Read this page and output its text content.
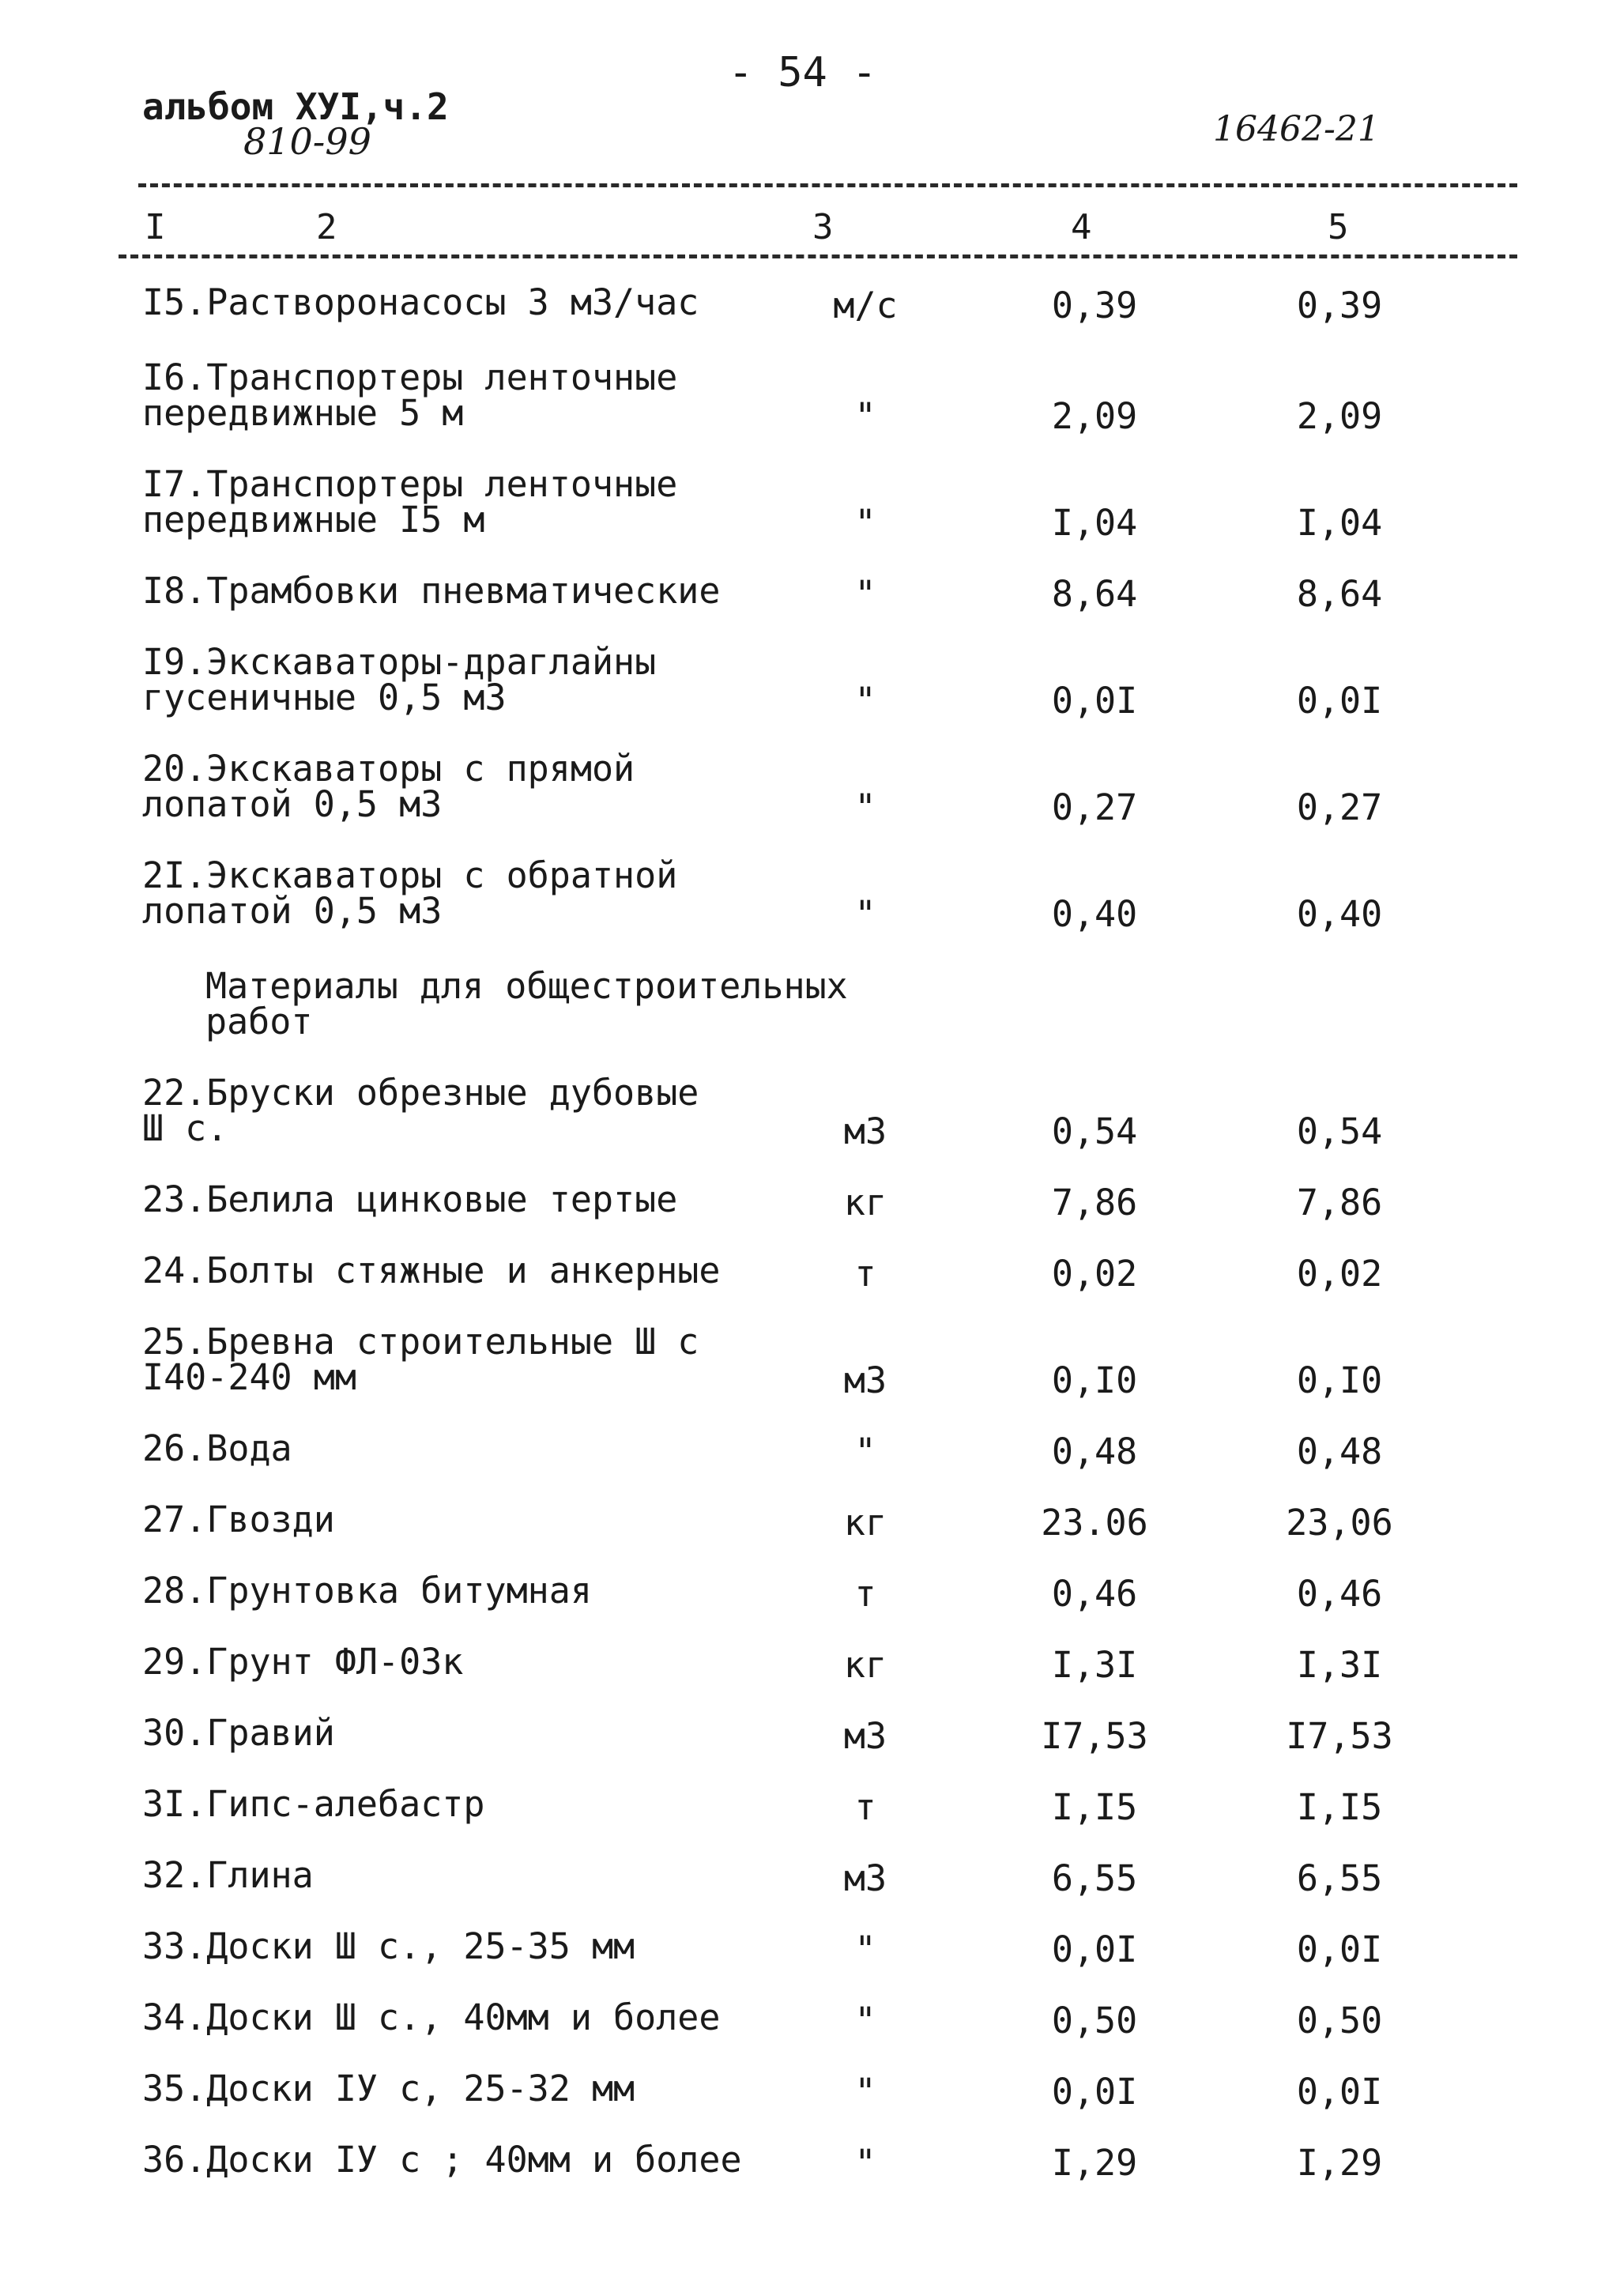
- 54 -
альбом ХУI,ч.2
810-99	16462-21
I	2	3	4	5
I5.Растворонасосы 3 м3/час	м/с	0,39	0,39
I6.Транспортеры ленточные
передвижные 5 м	"	2,09	2,09
I7.Транспортеры ленточные
передвижные I5 м	"	I,04	I,04
I8.Трамбовки пневматические	"	8,64	8,64
I9.Экскаваторы-драглайны
гусеничные 0,5 м3	"	0,0I	0,0I
20.Экскаваторы с прямой
лопатой 0,5 м3	"	0,27	0,27
2I.Экскаваторы с обратной
лопатой 0,5 м3	"	0,40	0,40
Материалы для общестроительных
работ
22.Бруски обрезные дубовые
Ш с.	м3	0,54	0,54
23.Белила цинковые тертые	кг	7,86	7,86
24.Болты стяжные и анкерные	т	0,02	0,02
25.Бревна строительные Ш с
I40-240 мм	м3	0,I0	0,I0
26.Вода	"	0,48	0,48
27.Гвозди	кг	23.06	23,06
28.Грунтовка битумная	т	0,46	0,46
29.Грунт ФЛ-03к	кг	I,3I	I,3I
30.Гравий	м3	I7,53	I7,53
3I.Гипс-алебастр	т	I,I5	I,I5
32.Глина	м3	6,55	6,55
33.Доски Ш с., 25-35 мм	"	0,0I	0,0I
34.Доски Ш с., 40мм и более	"	0,50	0,50
35.Доски IУ с, 25-32 мм	"	0,0I	0,0I
36.Доски IУ с ; 40мм и более	"	I,29	I,29
